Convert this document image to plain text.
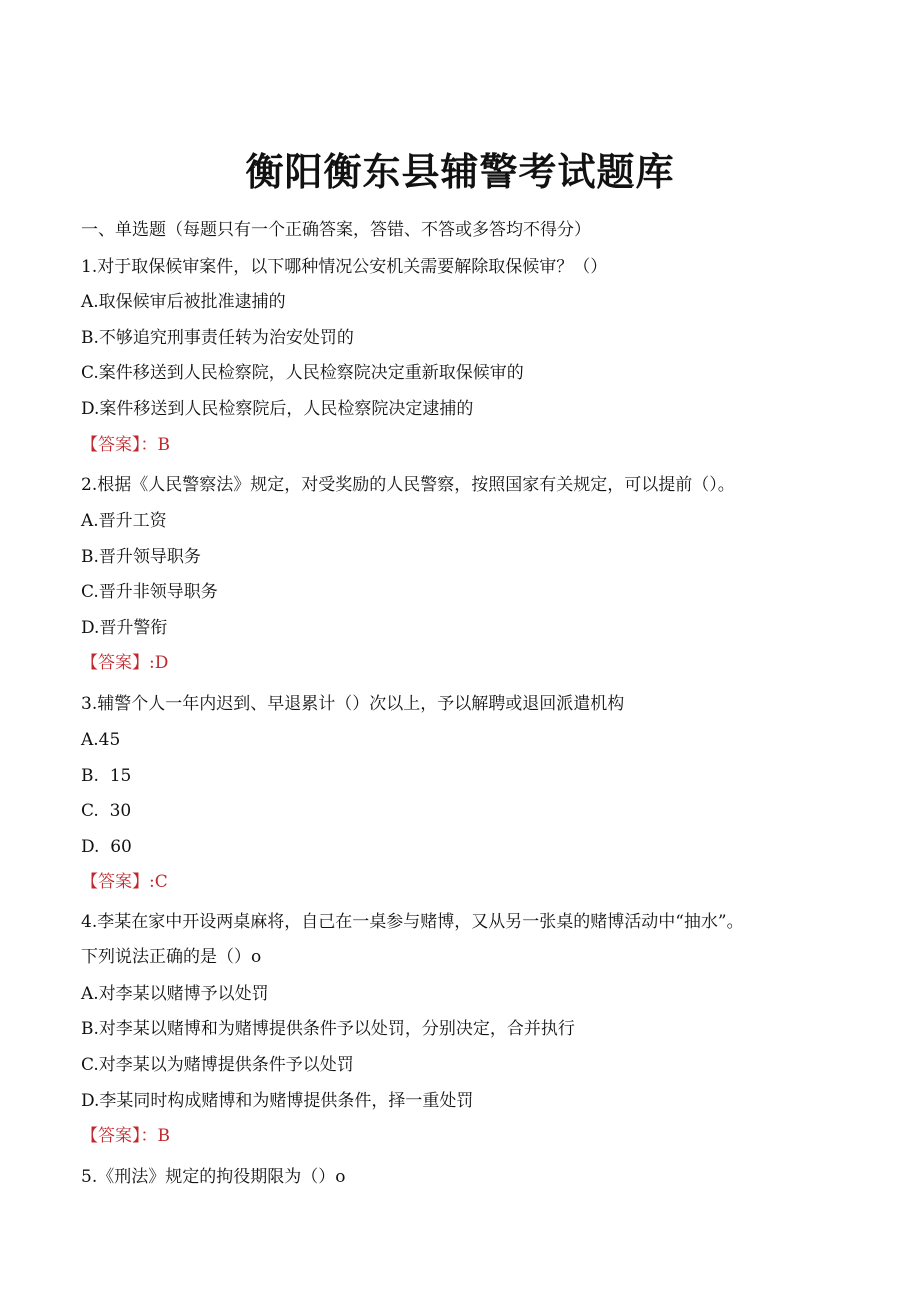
衡阳衡东县辅警考试题库
一、单选题（每题只有一个正确答案，答错、不答或多答均不得分）
1.对于取保候审案件，以下哪种情况公安机关需要解除取保候审？（）
A.取保候审后被批准逮捕的
B.不够追究刑事责任转为治安处罚的
C.案件移送到人民检察院，人民检察院决定重新取保候审的
D.案件移送到人民检察院后，人民检察院决定逮捕的
【答案】：B
2.根据《人民警察法》规定，对受奖励的人民警察，按照国家有关规定，可以提前（）。
A.晋升工资
B.晋升领导职务
C.晋升非领导职务
D.晋升警衔
【答案】:D
3.辅警个人一年内迟到、早退累计（）次以上，予以解聘或退回派遣机构
A.45
B.  15
C.  30
D.  60
【答案】:C
4.李某在家中开设两桌麻将，自己在一桌参与赌博，又从另一张桌的赌博活动中“抽水”。
下列说法正确的是（）o
A.对李某以赌博予以处罚
B.对李某以赌博和为赌博提供条件予以处罚，分别决定，合并执行
C.对李某以为赌博提供条件予以处罚
D.李某同时构成赌博和为赌博提供条件，择一重处罚
【答案】：B
5.《刑法》规定的拘役期限为（）o
